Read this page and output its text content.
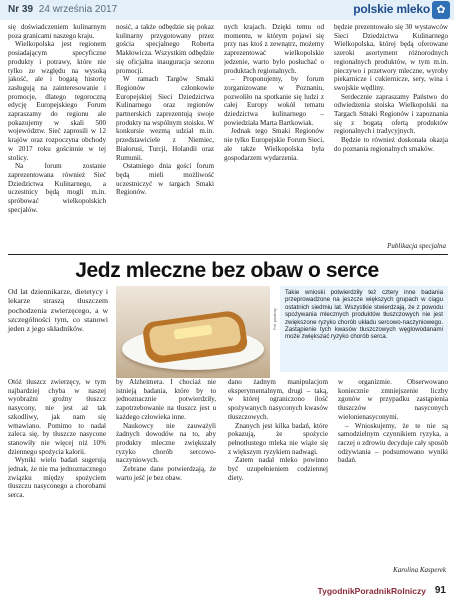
Nr 39 24 września 2017	polskie mleko ✿

się doświadczeniem kulinarnym poza granicami naszego kraju.

Wielkopolska jest regionem posiadającym specyficzne produkty i potrawy, które nie tylko ze względu na wysoką jakość, ale i bogatą historię zasługują na zainteresowanie i promocje, dlatego tegoroczną edycję Europejskiego Forum zapraszamy do regionu ale pokazujemy w skali 500 województw. Sieć zaprosili w 12 krajów oraz rozpoczyna obchody w 2017 roku gościnnie w tej stolicy.

Na forum zostanie zaprezentowana również Sieć Dziedzictwa Kulinarnego, a uczestnicy będą mogli m.in. spróbować wielkopolskich specjałów.

nosić, a także odbędzie się pokaz kulinarny przygotowany przez gościa specjalnego Roberta Makłowicza. Wszystkim odbędzie się oficjalna inauguracja sezonu promocji.

W ramach Targów Smaki Regionów członkowie Europejskiej Sieci Dziedzictwa Kulinarnego oraz regionów partnerskich zaprezentują swoje produkty na wspólnym stoisku. W konkursie wezmą udział m.in. przedstawiciele z Niemiec, Białorusi, Turcji, Holandii oraz Rumunii.

Ostatniego dnia gości forum będą mieli możliwość uczestniczyć w targach Smaki Regionów.

nych krajach. Dzięki temu od momentu, w którym pojawi się przy nas ktoś z zewnątrz, możemy zaprezentować wielkopolskie jedzenie, warto było posłuchać o produktach regionalnych.

– Proponujemy, by forum zorganizowane w Poznaniu, pozwoliło na spotkanie się ludzi z całej Europy wokół tematu dziedzictwa kulinarnego – powiedziała Marta Bartkowiak.

Jednak tego Smaki Regionów nie tylko Europejskie Forum Sieci, ale także Wielkopolska była gospodarzem wydarzenia.

będzie prezentowało się 30 wystawców Sieci Dziedzictwa Kulinarnego Wielkopolska, której będą oferowane szeroki asortyment różnorodnych regionalnych produktów, w tym m.in. pieczywo i przetwory mleczne, wyroby piekarnicze i cukiernicze, sery, wina i swojskie wędliny.

Serdecznie zapraszamy Państwo do odwiedzenia stoiska Wielkopolski na Targach Smaki Regionów i zapoznania się z bogatą ofertą produktów regionalnych i tradycyjnych.

Będzie to również doskonała okazja do poznania regionalnych smaków.

Publikacja specjalna
Jedz mleczne bez obaw o serce
Od lat dziennikarze, dietetycy i lekarze straszą tłuszczem pochodzenia zwierzęcego, a w szczególności tym, co stanowi jeden z jego składników.	Fot. pixabay
Takie wnioski potwierdziły też cztery inne badania przeprowadzone na jeszcze większych grupach w ciągu ostatnich siedmiu lat. Wszystkie stwierdzają, że z powodu spożywania mlecznych produktów tłuszczowych nie jest zwiększone ryzyko chorób układu sercowo-naczyniowego. Zastąpienie tych kwasów tłuszczowych węglowodanami może zwiększać ryzyko chorób serca.

Otóż tłuszcz zwierzęcy, w tym najbardziej chyba w naszej wyobraźni groźny tłuszcz nasycony, nie jest aż tak szkodliwy, jak nam się wmawiano. Pomimo to nadal zaleca się, by tłuszcze nasycone stanowiły nie więcej niż 10% dziennego spożycia kalorii.

Wyniki wielu badań sugerują jednak, że nie ma jednoznacznego związku między spożyciem tłuszczu nasyconego a chorobami serca.

by Alzheimera. I chociaż nie istnieją badania, które by to jednoznacznie potwierdziły, zapotrzebowanie na tłuszcz jest u każdego człowieka inne.

Naukowcy nie zauważyli żadnych dowodów na to, aby produkty mleczne zwiększały ryzyko chorób sercowo-naczyniowych.

Zebrane dane potwierdzają, że warto jeść je bez obaw.

dano żadnym manipulacjom eksperymentalnym, drugi – taką, w której ograniczono ilość spożywanych nasyconych kwasów tłuszczowych.

Znanych jest kilka badań, które pokazują, że spożycie pełnotłustego mleka nie wiąże się z większym ryzykiem nadwagi.

Zatem nadal mleko powinno być uzupełnieniem codziennej diety.

w organizmie. Obserwowano koniecznie zmniejszenie liczby zgonów w przypadku zastąpienia tłuszczów nasyconych wielonienasyconymi.

– Wnioskujemy, że te nie są samodzielnym czynnikiem ryzyka, a raczej o zdrowiu decyduje cały sposób odżywiania – podsumowano wyniki badań.

Karolina Kasperek
TygodnikPoradnikRolniczy 91
